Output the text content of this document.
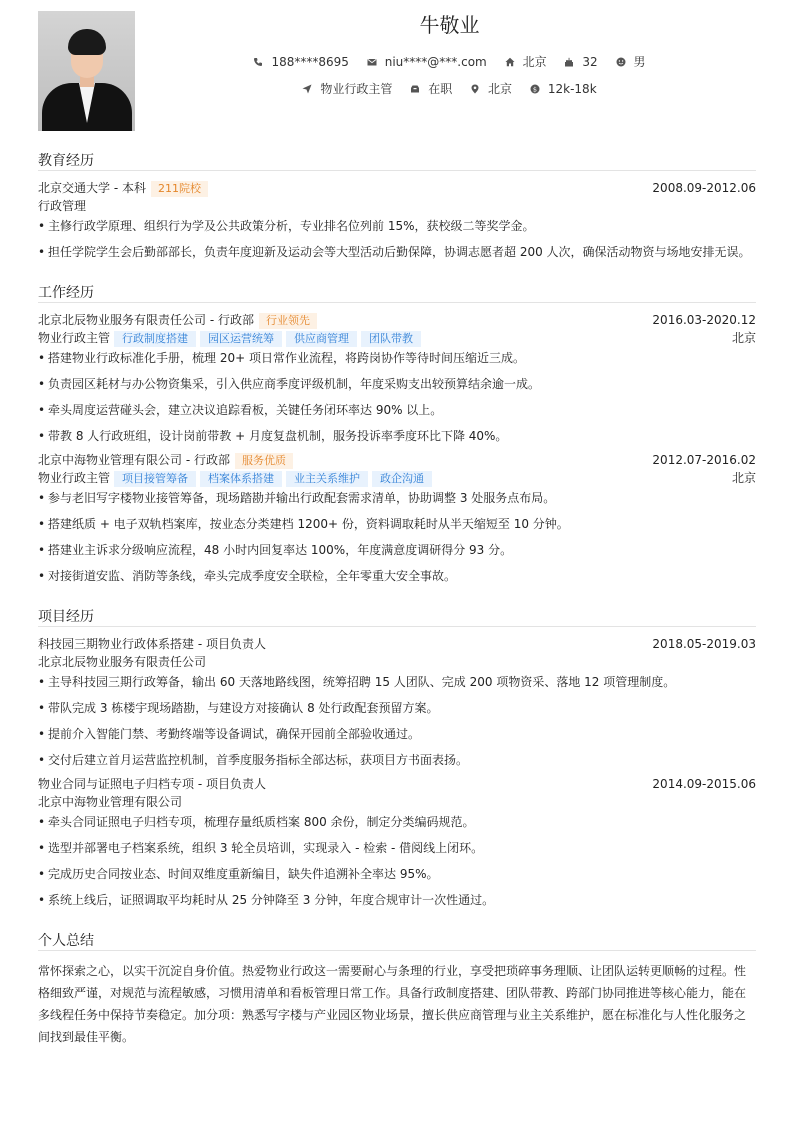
牛敬业
188****8695	niu****@***.com	北京	32	男
物业行政主管	在职	北京	$ 12k-18k
教育经历
北京交通大学 - 本科 211院校	2008.09-2012.06
行政管理
• 主修行政学原理、组织行为学及公共政策分析，专业排名位列前 15%，获校级二等奖学金。
• 担任学院学生会后勤部部长，负责年度迎新及运动会等大型活动后勤保障，协调志愿者超 200 人次，确保活动物资与场地安排无误。
工作经历
北京北辰物业服务有限责任公司 - 行政部 行业领先	2016.03-2020.12
物业行政主管 行政制度搭建 园区运营统筹 供应商管理 团队带教	北京
• 搭建物业行政标准化手册，梳理 20+ 项日常作业流程，将跨岗协作等待时间压缩近三成。
• 负责园区耗材与办公物资集采，引入供应商季度评级机制，年度采购支出较预算结余逾一成。
• 牵头周度运营碰头会，建立决议追踪看板，关键任务闭环率达 90% 以上。
• 带教 8 人行政班组，设计岗前带教 + 月度复盘机制，服务投诉率季度环比下降 40%。
北京中海物业管理有限公司 - 行政部 服务优质	2012.07-2016.02
物业行政主管 项目接管筹备 档案体系搭建 业主关系维护 政企沟通	北京
• 参与老旧写字楼物业接管筹备，现场踏勘并输出行政配套需求清单，协助调整 3 处服务点布局。
• 搭建纸质 + 电子双轨档案库，按业态分类建档 1200+ 份，资料调取耗时从半天缩短至 10 分钟。
• 搭建业主诉求分级响应流程，48 小时内回复率达 100%，年度满意度调研得分 93 分。
• 对接街道安监、消防等条线，牵头完成季度安全联检，全年零重大安全事故。
项目经历
科技园三期物业行政体系搭建 - 项目负责人	2018.05-2019.03
北京北辰物业服务有限责任公司
• 主导科技园三期行政筹备，输出 60 天落地路线图，统筹招聘 15 人团队、完成 200 项物资采、落地 12 项管理制度。
• 带队完成 3 栋楼宇现场踏勘，与建设方对接确认 8 处行政配套预留方案。
• 提前介入智能门禁、考勤终端等设备调试，确保开园前全部验收通过。
• 交付后建立首月运营监控机制，首季度服务指标全部达标，获项目方书面表扬。
物业合同与证照电子归档专项 - 项目负责人	2014.09-2015.06
北京中海物业管理有限公司
• 牵头合同证照电子归档专项，梳理存量纸质档案 800 余份，制定分类编码规范。
• 选型并部署电子档案系统，组织 3 轮全员培训，实现录入 - 检索 - 借阅线上闭环。
• 完成历史合同按业态、时间双维度重新编目，缺失件追溯补全率达 95%。
• 系统上线后，证照调取平均耗时从 25 分钟降至 3 分钟，年度合规审计一次性通过。
个人总结
常怀探索之心，以实干沉淀自身价值。热爱物业行政这一需要耐心与条理的行业，享受把琐碎事务理顺、让团队运转更顺畅的过程。性
格细致严谨，对规范与流程敏感，习惯用清单和看板管理日常工作。具备行政制度搭建、团队带教、跨部门协同推进等核心能力，能在
多线程任务中保持节奏稳定。加分项：熟悉写字楼与产业园区物业场景，擅长供应商管理与业主关系维护，愿在标准化与人性化服务之
间找到最佳平衡。
